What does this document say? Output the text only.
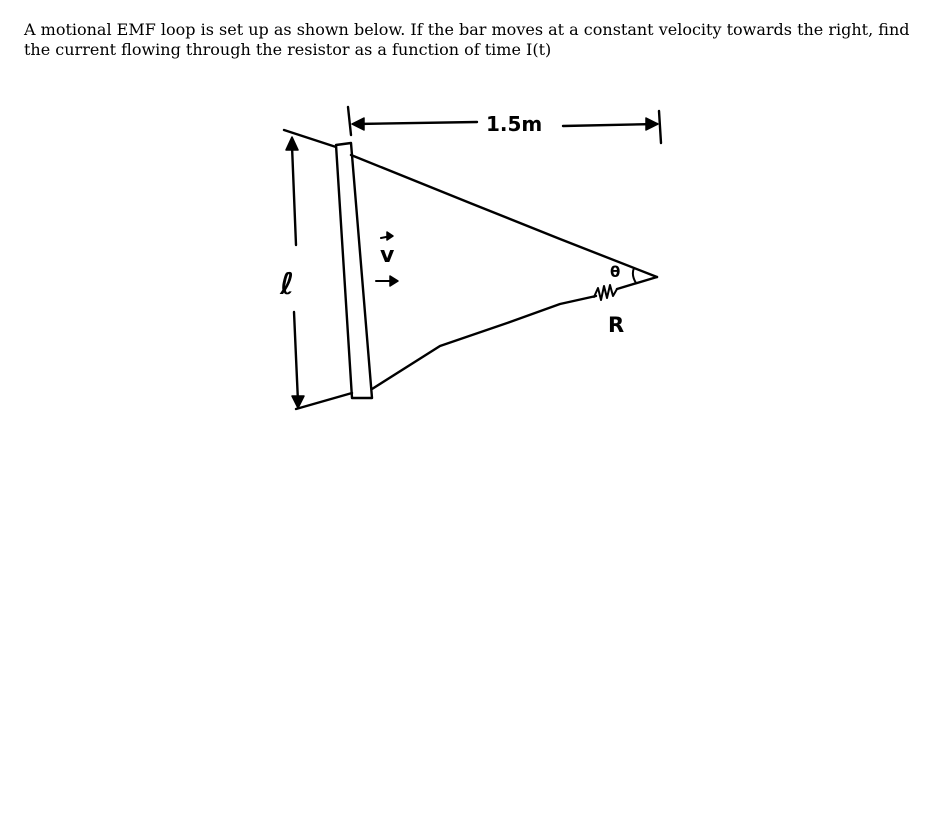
A motional EMF loop is set up as shown below. If the bar moves at a constant velocity towards the right, find the current flowing through the resistor as a function of time I(t)

1.5m
ℓ
v
θ
R
